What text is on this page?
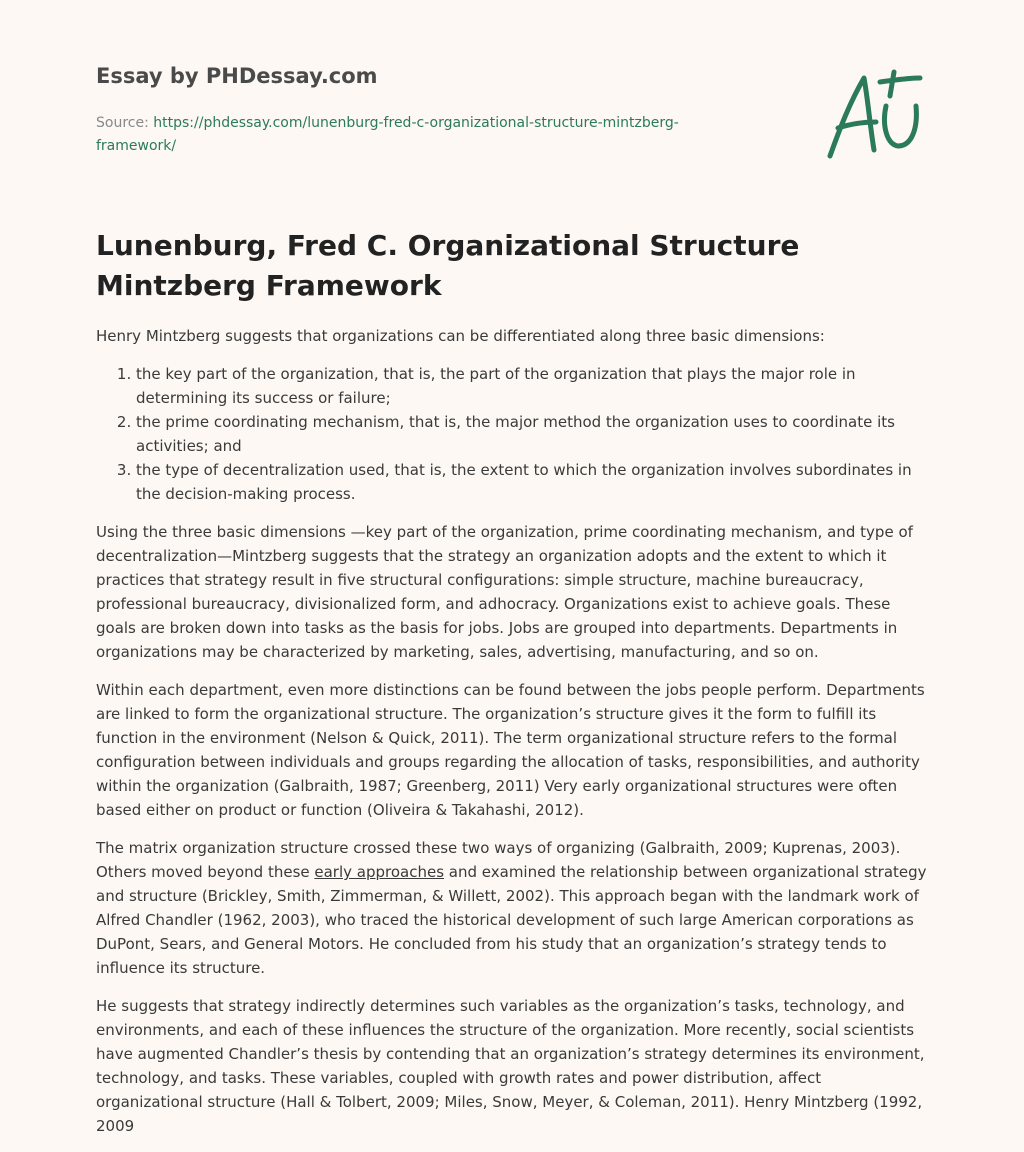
Essay by PHDessay.com
Source: https://phdessay.com/lunenburg-fred-c-organizational-structure-mintzberg-framework/
Lunenburg, Fred C. Organizational Structure Mintzberg Framework

Henry Mintzberg suggests that organizations can be differentiated along three basic dimensions:

1. the key part of the organization, that is, the part of the organization that plays the major role in determining its success or failure;
2. the prime coordinating mechanism, that is, the major method the organization uses to coordinate its activities; and
3. the type of decentralization used, that is, the extent to which the organization involves subordinates in the decision-making process.

Using the three basic dimensions —key part of the organization, prime coordinating mechanism, and type of decentralization—Mintzberg suggests that the strategy an organization adopts and the extent to which it practices that strategy result in five structural configurations: simple structure, machine bureaucracy, professional bureaucracy, divisionalized form, and adhocracy. Organizations exist to achieve goals. These goals are broken down into tasks as the basis for jobs. Jobs are grouped into departments. Departments in organizations may be characterized by marketing, sales, advertising, manufacturing, and so on.

Within each department, even more distinctions can be found between the jobs people perform. Departments are linked to form the organizational structure. The organization’s structure gives it the form to fulfill its function in the environment (Nelson & Quick, 2011). The term organizational structure refers to the formal configuration between individuals and groups regarding the allocation of tasks, responsibilities, and authority within the organization (Galbraith, 1987; Greenberg, 2011) Very early organizational structures were often based either on product or function (Oliveira & Takahashi, 2012).

The matrix organization structure crossed these two ways of organizing (Galbraith, 2009; Kuprenas, 2003). Others moved beyond these early approaches and examined the relationship between organizational strategy and structure (Brickley, Smith, Zimmerman, & Willett, 2002). This approach began with the landmark work of Alfred Chandler (1962, 2003), who traced the historical development of such large American corporations as DuPont, Sears, and General Motors. He concluded from his study that an organization’s strategy tends to influence its structure.

He suggests that strategy indirectly determines such variables as the organization’s tasks, technology, and environments, and each of these influences the structure of the organization. More recently, social scientists have augmented Chandler’s thesis by contending that an organization’s strategy determines its environment, technology, and tasks. These variables, coupled with growth rates and power distribution, affect organizational structure (Hall & Tolbert, 2009; Miles, Snow, Meyer, & Coleman, 2011). Henry Mintzberg (1992, 2009
